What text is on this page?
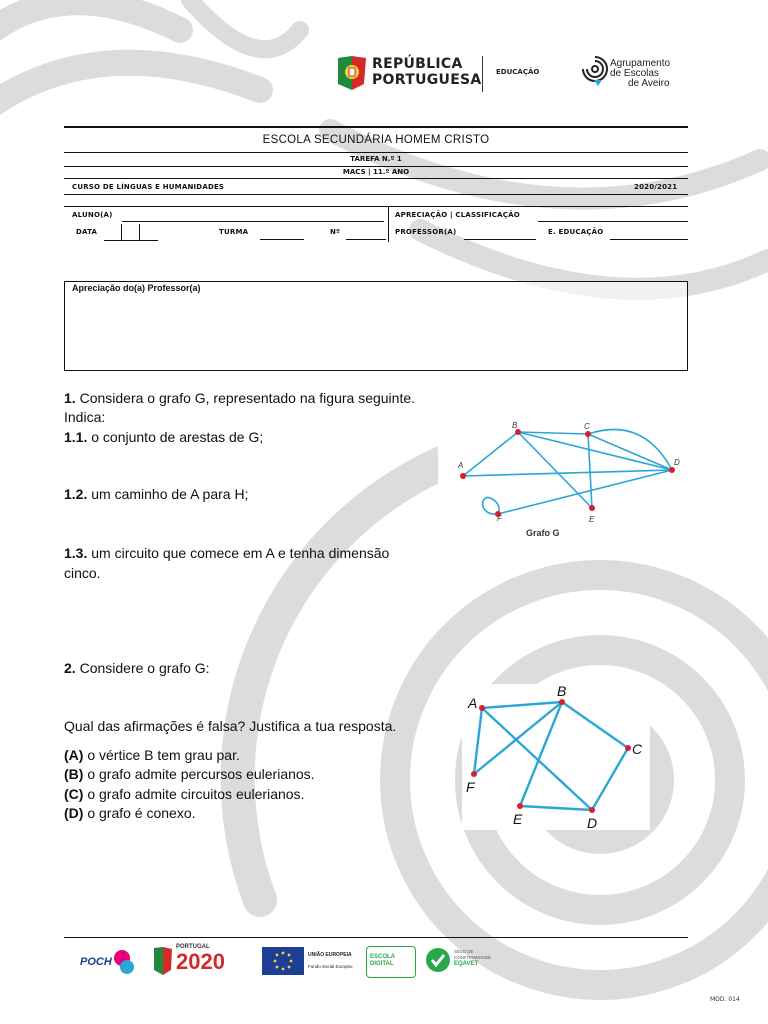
REPÚBLICA
PORTUGUESA EDUCAÇÃO
Agrupamento
de Escolas
de Aveiro
ESCOLA SECUNDÁRIA HOMEM CRISTO
TAREFA N.º 1
MACS | 11.º ANO
CURSO DE LÍNGUAS E HUMANIDADES	2020/2021
ALUNO(A)	APRECIAÇÃO | CLASSIFICAÇÃO
DATA	TURMA	Nº	PROFESSOR(A)	E. EDUCAÇÃO
Apreciação do(a) Professor(a)
1. Considera o grafo G, representado na figura seguinte.
Indica:
1.1. o conjunto de arestas de G;
1.2. um caminho de A para H;
1.3. um circuito que comece em A e tenha dimensão
cinco.
A
B	C
D
E
F
Grafo G
2. Considere o grafo G:
Qual das afirmações é falsa? Justifica a tua resposta.
(A) o vértice B tem grau par.
(B) o grafo admite percursos eulerianos.
(C) o grafo admite circuitos eulerianos.
(D) o grafo é conexo.
A
B
C
D
E
F
POCH
PORTUGAL
2020	UNIÃO EUROPEIA
Fundo Social Europeu
ESCOLA DIGITAL
SELO DE
CONFORMIDADE
EQAVET
MOD. 014
